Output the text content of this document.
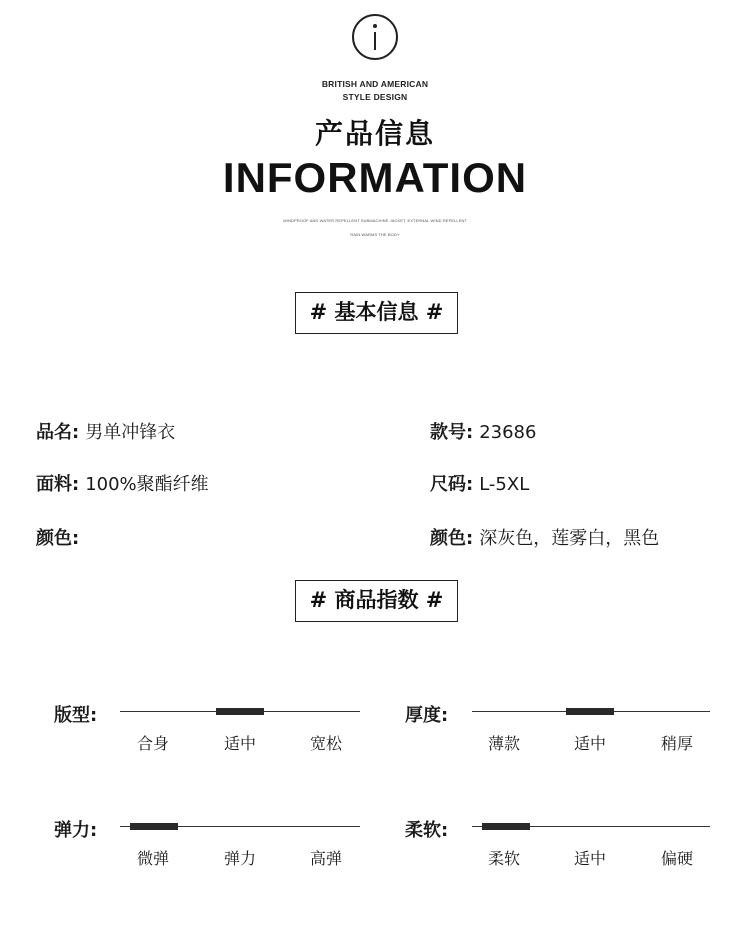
BRITISH AND AMERICAN
STYLE DESIGN
产品信息
INFORMATION
WINDPROOF AND WATER REPELLENT SUBMACHINE JACKET, EXTERNAL WIND REPELLENT
RAIN WARMS THE BODY
# 基本信息 #
品名: 男单冲锋衣	款号: 23686
面料: 100%聚酯纤维	尺码: L-5XL
颜色:	颜色: 深灰色，莲雾白，黑色
# 商品指数 #
版型:
合身	适中	宽松
厚度:
薄款	适中	稍厚
弹力:
微弹	弹力	高弹
柔软:
柔软	适中	偏硬
